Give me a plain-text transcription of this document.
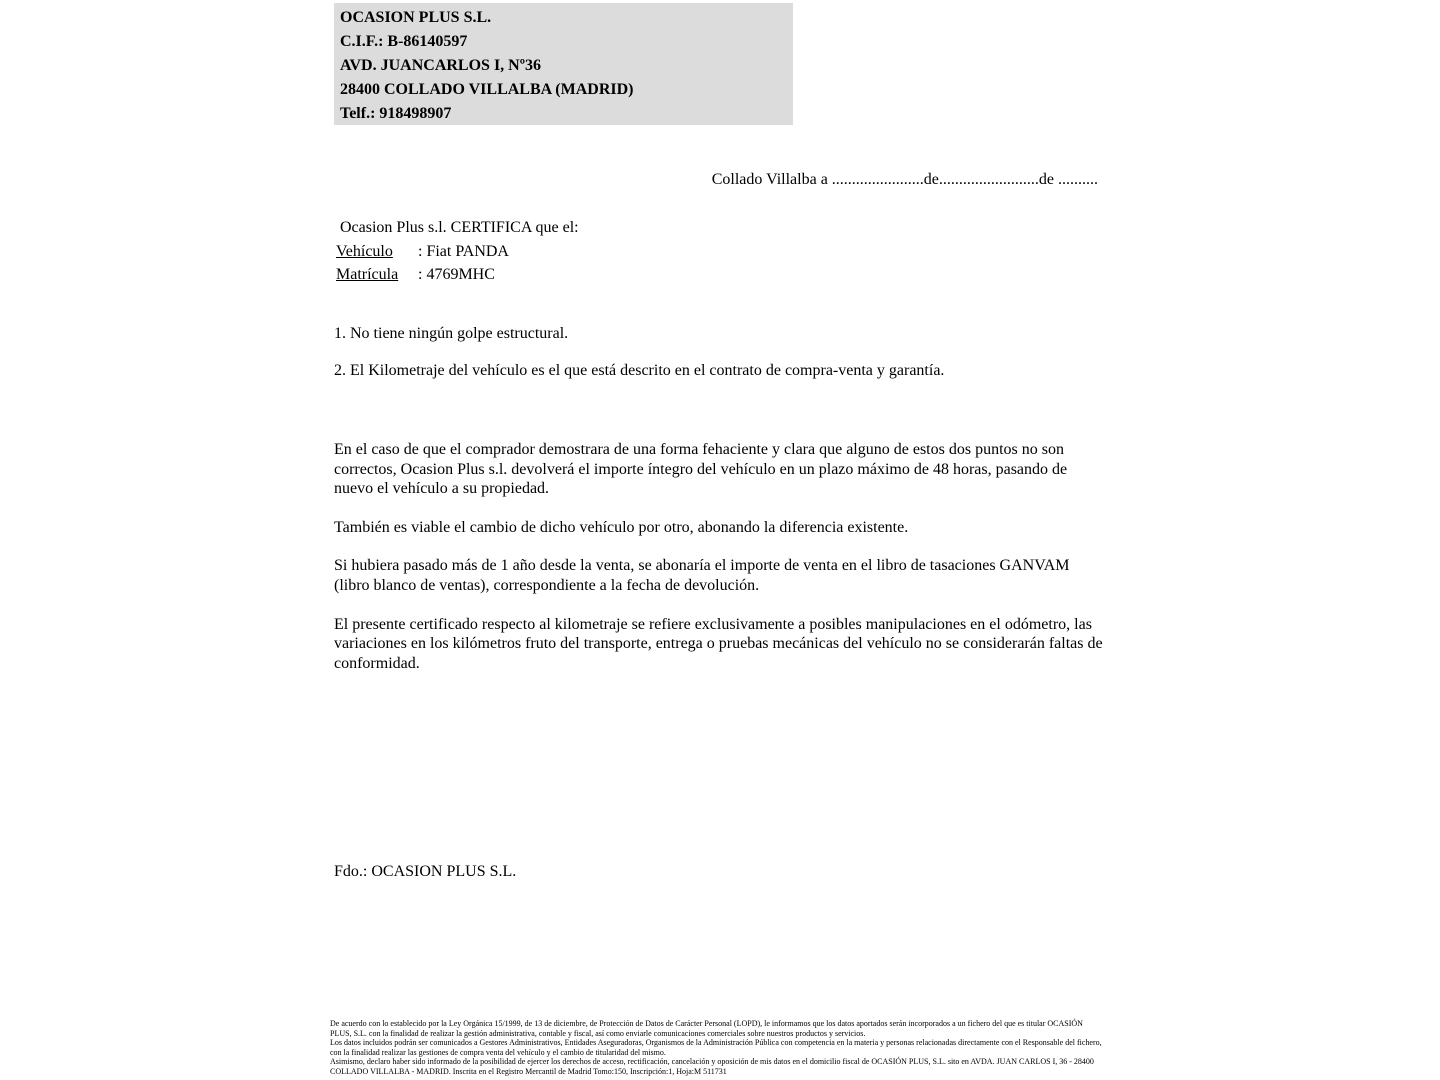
OCASION PLUS S.L.
C.I.F.: B-86140597
AVD. JUANCARLOS I, Nº36
28400 COLLADO VILLALBA (MADRID)
Telf.: 918498907
Collado Villalba a .......................de.........................de ..........
Ocasion Plus s.l. CERTIFICA que el:
Vehículo : Fiat PANDA
Matrícula : 4769MHC
1. No tiene ningún golpe estructural.
2. El Kilometraje del vehículo es el que está descrito en el contrato de compra-venta y garantía.

En el caso de que el comprador demostrara de una forma fehaciente y clara que alguno de estos dos puntos no son correctos, Ocasion Plus s.l. devolverá el importe íntegro del vehículo en un plazo máximo de 48 horas, pasando de nuevo el vehículo a su propiedad.

También es viable el cambio de dicho vehículo por otro, abonando la diferencia existente.

Si hubiera pasado más de 1 año desde la venta, se abonaría el importe de venta en el libro de tasaciones GANVAM (libro blanco de ventas), correspondiente a la fecha de devolución.

El presente certificado respecto al kilometraje se refiere exclusivamente a posibles manipulaciones en el odómetro, las variaciones en los kilómetros fruto del transporte, entrega o pruebas mecánicas del vehículo no se considerarán faltas de conformidad.

Fdo.: OCASION PLUS S.L.

De acuerdo con lo establecido por la Ley Orgánica 15/1999, de 13 de diciembre, de Protección de Datos de Carácter Personal (LOPD), le informamos que los datos aportados serán incorporados a un fichero del que es titular OCASIÓN PLUS, S.L. con la finalidad de realizar la gestión administrativa, contable y fiscal, así como enviarle comunicaciones comerciales sobre nuestros productos y servicios.

Los datos incluidos podrán ser comunicados a Gestores Administrativos, Entidades Aseguradoras, Organismos de la Administración Pública con competencia en la materia y personas relacionadas directamente con el Responsable del fichero, con la finalidad realizar las gestiones de compra venta del vehículo y el cambio de titularidad del mismo.

Asimismo, declaro haber sido informado de la posibilidad de ejercer los derechos de acceso, rectificación, cancelación y oposición de mis datos en el domicilio fiscal de OCASIÓN PLUS, S.L. sito en AVDA. JUAN CARLOS I, 36 - 28400 COLLADO VILLALBA - MADRID. Inscrita en el Registro Mercantil de Madrid Tomo:150, Inscripción:1, Hoja:M 511731
